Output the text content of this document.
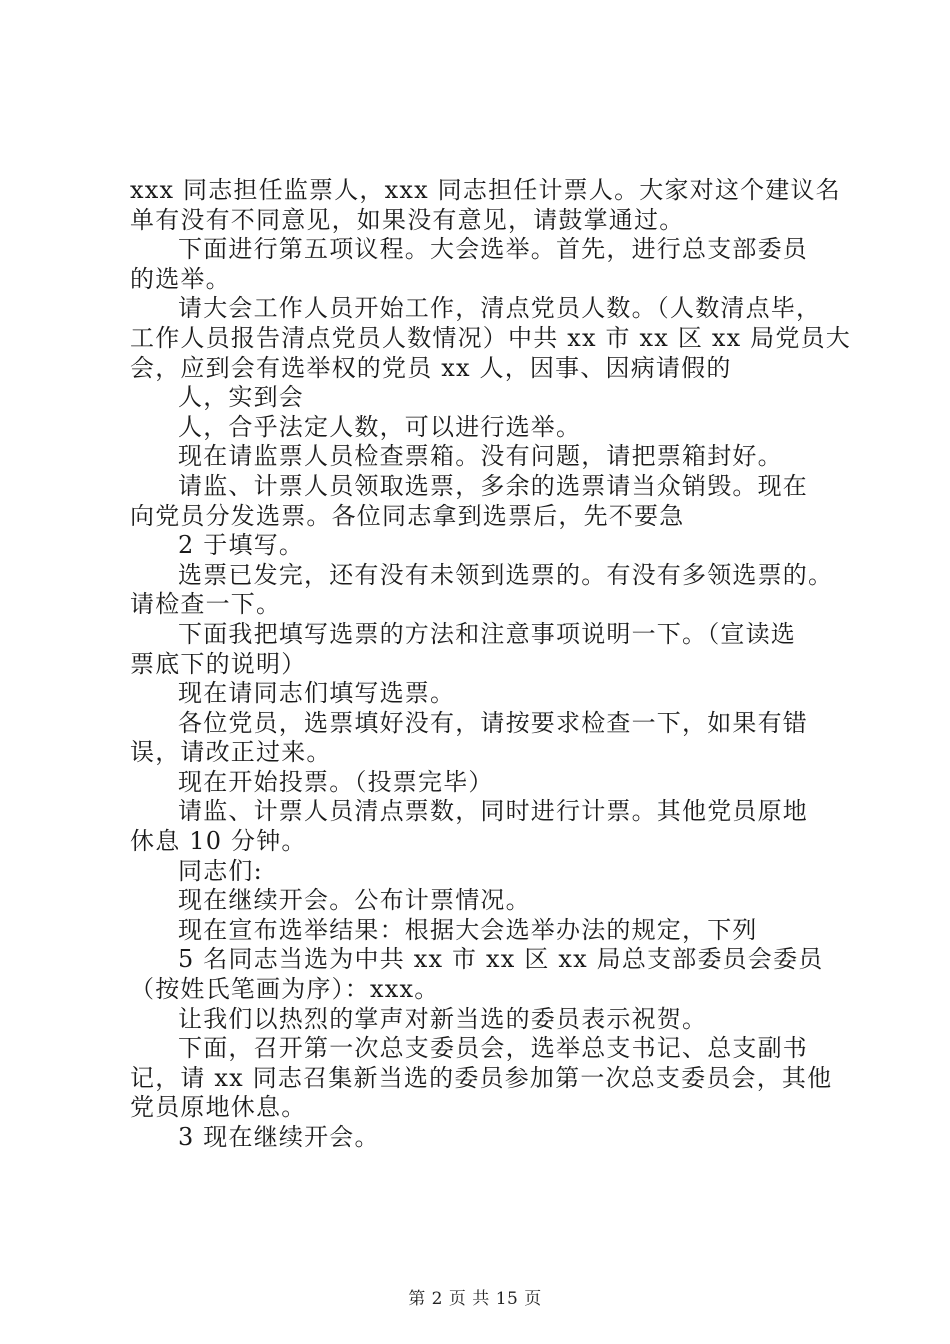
xxx 同志担任监票人，xxx 同志担任计票人。大家对这个建议名
单有没有不同意见，如果没有意见，请鼓掌通过。
下面进行第五项议程。大会选举。首先，进行总支部委员
的选举。
请大会工作人员开始工作，清点党员人数。（人数清点毕，
工作人员报告清点党员人数情况）中共 xx 市 xx 区 xx 局党员大
会，应到会有选举权的党员 xx 人，因事、因病请假的
人，实到会
人，合乎法定人数，可以进行选举。
现在请监票人员检查票箱。没有问题，请把票箱封好。
请监、计票人员领取选票，多余的选票请当众销毁。现在
向党员分发选票。各位同志拿到选票后，先不要急
2 于填写。
选票已发完，还有没有未领到选票的。有没有多领选票的。
请检查一下。
下面我把填写选票的方法和注意事项说明一下。（宣读选
票底下的说明）
现在请同志们填写选票。
各位党员，选票填好没有，请按要求检查一下，如果有错
误，请改正过来。
现在开始投票。（投票完毕）
请监、计票人员清点票数，同时进行计票。其他党员原地
休息 10 分钟。
同志们:
现在继续开会。公布计票情况。
现在宣布选举结果：根据大会选举办法的规定，下列
5 名同志当选为中共 xx 市 xx 区 xx 局总支部委员会委员
（按姓氏笔画为序）：xxx。
让我们以热烈的掌声对新当选的委员表示祝贺。
下面，召开第一次总支委员会，选举总支书记、总支副书
记，请 xx 同志召集新当选的委员参加第一次总支委员会，其他
党员原地休息。
3 现在继续开会。
第 2 页 共 15 页
